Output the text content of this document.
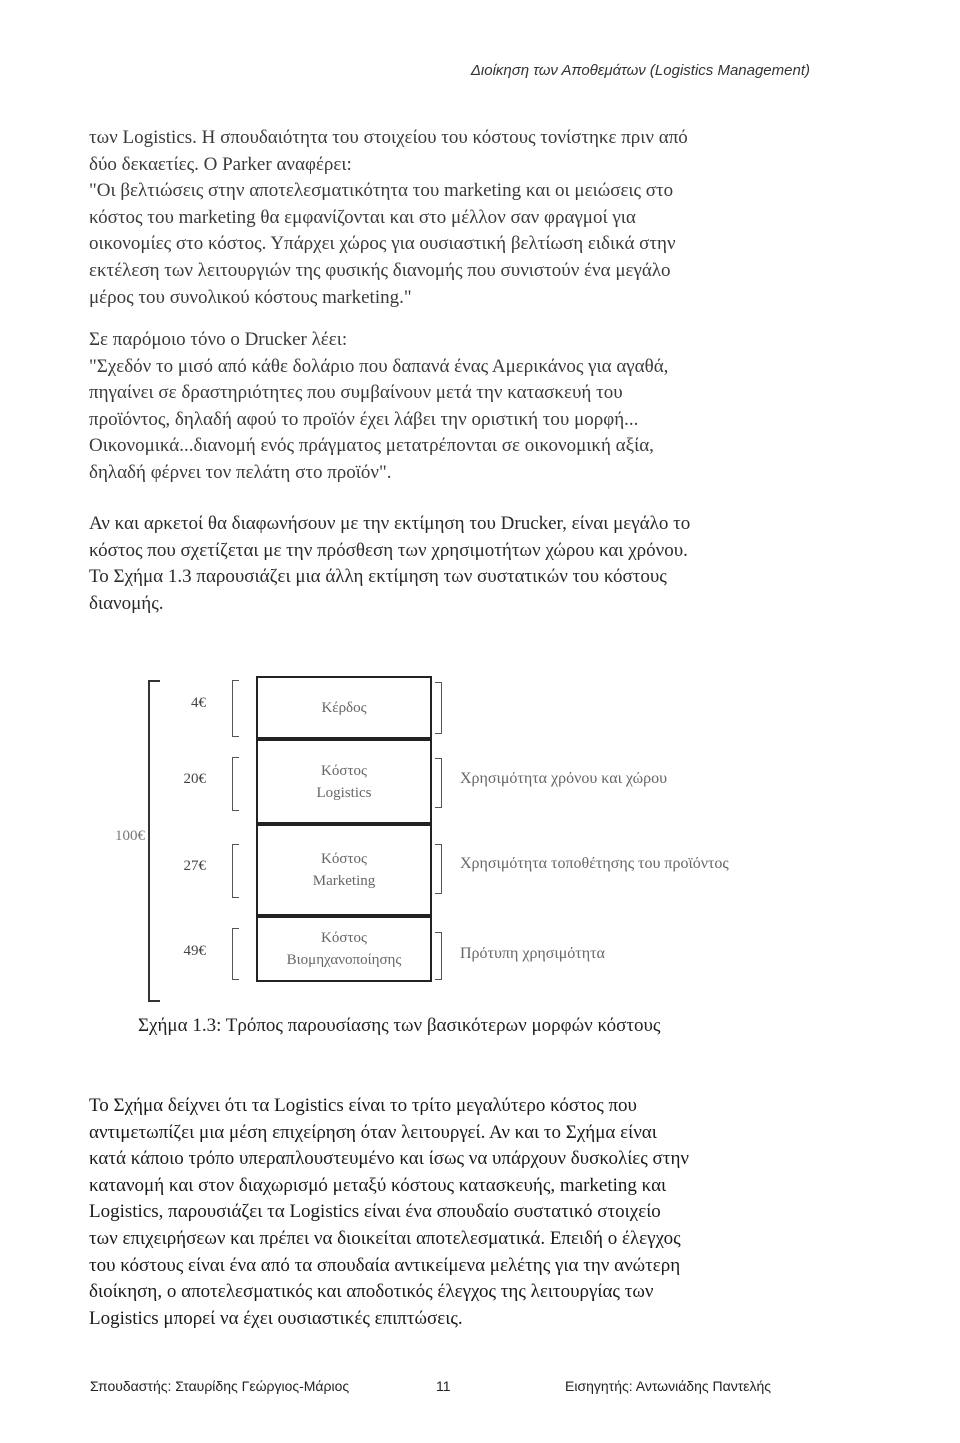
Διοίκηση των Αποθεμάτων (Logistics Management)

των Logistics. Η σπουδαιότητα του στοιχείου του κόστους τονίστηκε πριν από
δύο δεκαετίες. Ο Parker αναφέρει:
"Οι βελτιώσεις στην αποτελεσματικότητα του marketing και οι μειώσεις στο
κόστος του marketing θα εμφανίζονται και στο μέλλον σαν φραγμοί για
οικονομίες στο κόστος. Υπάρχει χώρος για ουσιαστική βελτίωση ειδικά στην
εκτέλεση των λειτουργιών της φυσικής διανομής που συνιστούν ένα μεγάλο
μέρος του συνολικού κόστους marketing."

Σε παρόμοιο τόνο ο Drucker λέει:
"Σχεδόν το μισό από κάθε δολάριο που δαπανά ένας Αμερικάνος για αγαθά,
πηγαίνει σε δραστηριότητες που συμβαίνουν μετά την κατασκευή του
προϊόντος, δηλαδή αφού το προϊόν έχει λάβει την οριστική του μορφή...
Οικονομικά...διανομή ενός πράγματος μετατρέπονται σε οικονομική αξία,
δηλαδή φέρνει τον πελάτη στο προϊόν".

Αν και αρκετοί θα διαφωνήσουν με την εκτίμηση του Drucker, είναι μεγάλο το
κόστος που σχετίζεται με την πρόσθεση των χρησιμοτήτων χώρου και χρόνου.
Το Σχήμα 1.3 παρουσιάζει μια άλλη εκτίμηση των συστατικών του κόστους
διανομής.

100€
4€	Κέρδος
20€
Κόστος
Logistics
Χρησιμότητα χρόνου και χώρου
27€	Κόστος
Marketing
Χρησιμότητα τοποθέτησης του προϊόντος
49€
Κόστος
Βιομηχανοποίησης	Πρότυπη χρησιμότητα
Σχήμα 1.3: Τρόπος παρουσίασης των βασικότερων μορφών κόστους

Το Σχήμα δείχνει ότι τα Logistics είναι το τρίτο μεγαλύτερο κόστος που
αντιμετωπίζει μια μέση επιχείρηση όταν λειτουργεί. Αν και το Σχήμα είναι
κατά κάποιο τρόπο υπεραπλουστευμένο και ίσως να υπάρχουν δυσκολίες στην
κατανομή και στον διαχωρισμό μεταξύ κόστους κατασκευής, marketing και
Logistics, παρουσιάζει τα Logistics είναι ένα σπουδαίο συστατικό στοιχείο
των επιχειρήσεων και πρέπει να διοικείται αποτελεσματικά. Επειδή ο έλεγχος
του κόστους είναι ένα από τα σπουδαία αντικείμενα μελέτης για την ανώτερη
διοίκηση, ο αποτελεσματικός και αποδοτικός έλεγχος της λειτουργίας των
Logistics μπορεί να έχει ουσιαστικές επιπτώσεις.

Σπουδαστής: Σταυρίδης Γεώργιος-Μάριος	11	Εισηγητής: Αντωνιάδης Παντελής
